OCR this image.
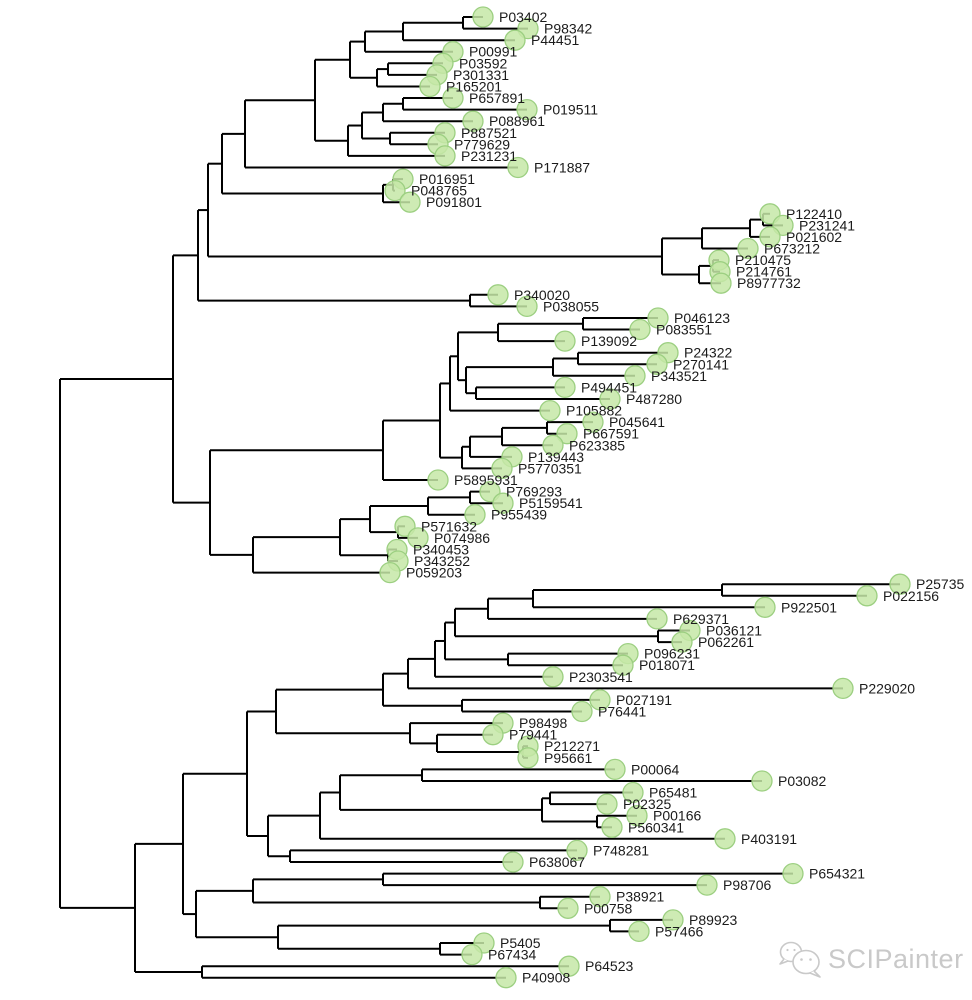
P03402
P98342
P44451
P00991
P03592
P301331
P165201
P657891
P019511
P088961
P887521
P779629
P231231
P171887
P016951
P048765
P091801
P122410
P231241
P021602
P673212
P210475
P214761
P8977732
P340020
P038055
P046123
P083551
P139092
P24322
P270141
P343521
P494451
P487280
P105882
P045641
P667591
P623385
P139443
P5770351
P5895931
P769293
P5159541
P955439
P571632
P074986
P340453
P343252
P059203
P25735
P022156
P922501
P629371
P036121
P062261
P096231
P018071
P2303541
P229020
P027191
P76441
P98498
P79441
P212271
P95661
P00064
P03082
P65481
P02325
P00166
P560341
P403191
P748281
P638067
P654321
P98706
P38921
P00758
P89923
P57466
P5405
P67434
P64523
P40908
SCIPainter
